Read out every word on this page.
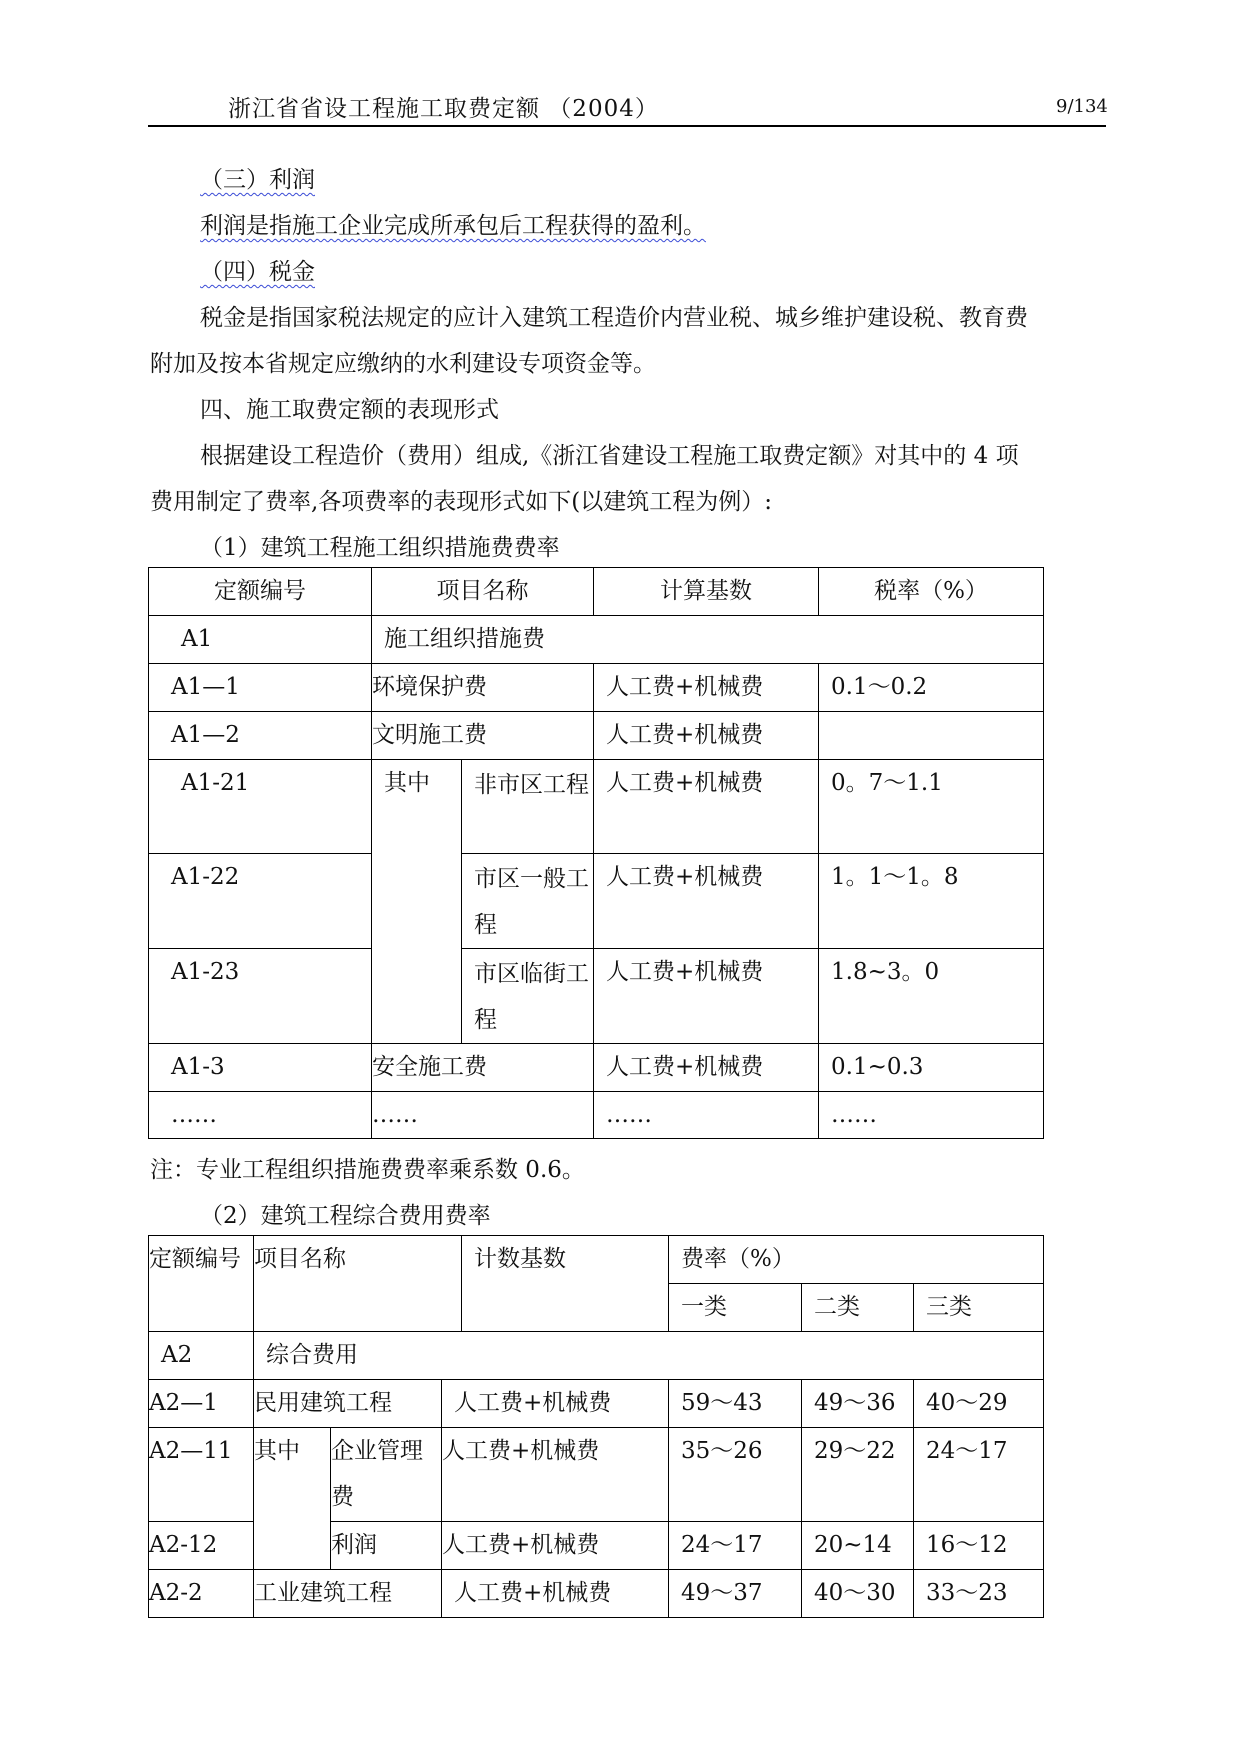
浙江省省设工程施工取费定额 （2004）	9/134
（三）利润
利润是指施工企业完成所承包后工程获得的盈利。
（四）税金
税金是指国家税法规定的应计入建筑工程造价内营业税、城乡维护建设税、教育费
附加及按本省规定应缴纳的水利建设专项资金等。
四、施工取费定额的表现形式
根据建设工程造价（费用）组成,《浙江省建设工程施工取费定额》对其中的 4 项
费用制定了费率,各项费率的表现形式如下(以建筑工程为例）:
（1）建筑工程施工组织措施费费率
定额编号	项目名称		计算基数	税率（%）
A1	施工组织措施费			
A1—1	环境保护费		人工费+机械费	0.1～0.2
A1—2	文明施工费		人工费+机械费	
A1-21	其中	非市区工程	人工费+机械费	0。7～1.1
A1-22		市区一般工程	人工费+机械费	1。1～1。8
A1-23		市区临街工程	人工费+机械费	1.8~3。0
A1-3	安全施工费		人工费+机械费	0.1~0.3
……	……		……	……
注：专业工程组织措施费费率乘系数 0.6。
（2）建筑工程综合费用费率
定额编号	项目名称			计数基数	费率（%）		
					一类	二类	三类
A2	综合费用						
A2—1	民用建筑工程		人工费+机械费		59～43	49～36	40～29
A2—11	其中	企业管理费	人工费+机械费		35～26	29～22	24～17
A2-12		利润	人工费+机械费		24～17	20~14	16～12
A2-2	工业建筑工程		人工费+机械费		49～37	40～30	33～23
